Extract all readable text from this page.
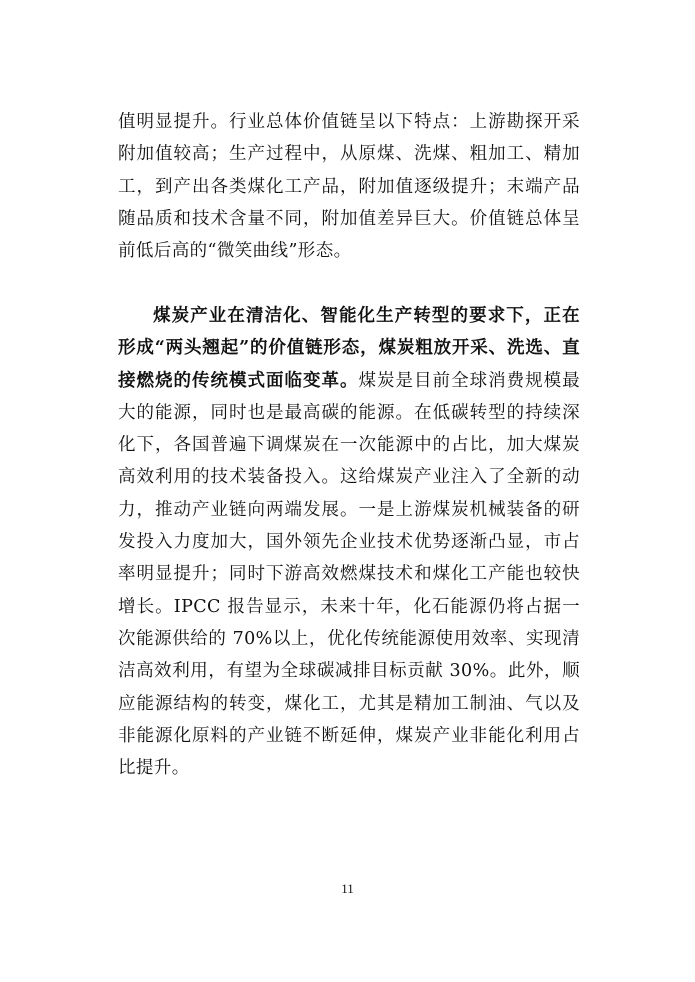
值明显提升。行业总体价值链呈以下特点：上游勘探开采附加值较高；生产过程中，从原煤、洗煤、粗加工、精加工，到产出各类煤化工产品，附加值逐级提升；末端产品随品质和技术含量不同，附加值差异巨大。价值链总体呈前低后高的“微笑曲线”形态。

煤炭产业在清洁化、智能化生产转型的要求下，正在形成“两头翘起”的价值链形态，煤炭粗放开采、洗选、直接燃烧的传统模式面临变革。煤炭是目前全球消费规模最大的能源，同时也是最高碳的能源。在低碳转型的持续深化下，各国普遍下调煤炭在一次能源中的占比，加大煤炭高效利用的技术装备投入。这给煤炭产业注入了全新的动力，推动产业链向两端发展。一是上游煤炭机械装备的研发投入力度加大，国外领先企业技术优势逐渐凸显，市占率明显提升；同时下游高效燃煤技术和煤化工产能也较快增长。IPCC 报告显示，未来十年，化石能源仍将占据一次能源供给的 70%以上，优化传统能源使用效率、实现清洁高效利用，有望为全球碳减排目标贡献 30%。此外，顺应能源结构的转变，煤化工，尤其是精加工制油、气以及非能源化原料的产业链不断延伸，煤炭产业非能化利用占比提升。

11
